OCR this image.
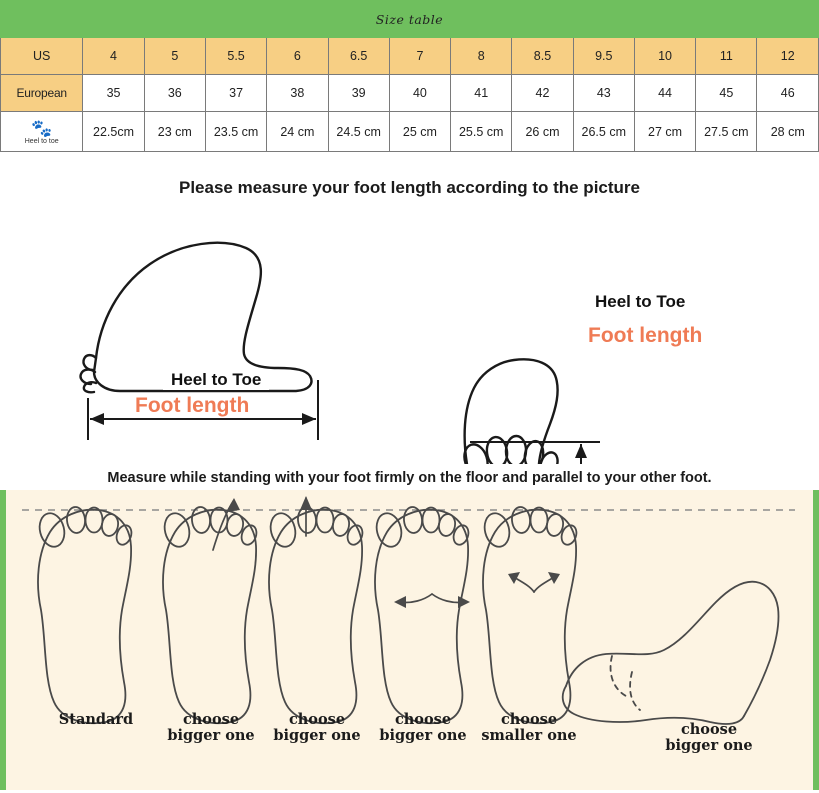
Size table												
US	4	5	5.5	6	6.5	7	8	8.5	9.5	10	11	12
European	35	36	37	38	39	40	41	42	43	44	45	46

🐾
Heel to toe	22.5cm	23 cm	23.5 cm	24 cm	24.5 cm	25 cm	25.5 cm	26 cm	26.5 cm	27 cm	27.5 cm	28 cm
Please measure your foot length according to the picture
Heel to Toe
Foot length
Heel to Toe
Foot length
Measure while standing with your foot firmly on the floor and parallel to your other foot.
Standard	choose
bigger one
choose
bigger one
choose
bigger one
choose
smaller one	choose
bigger one
